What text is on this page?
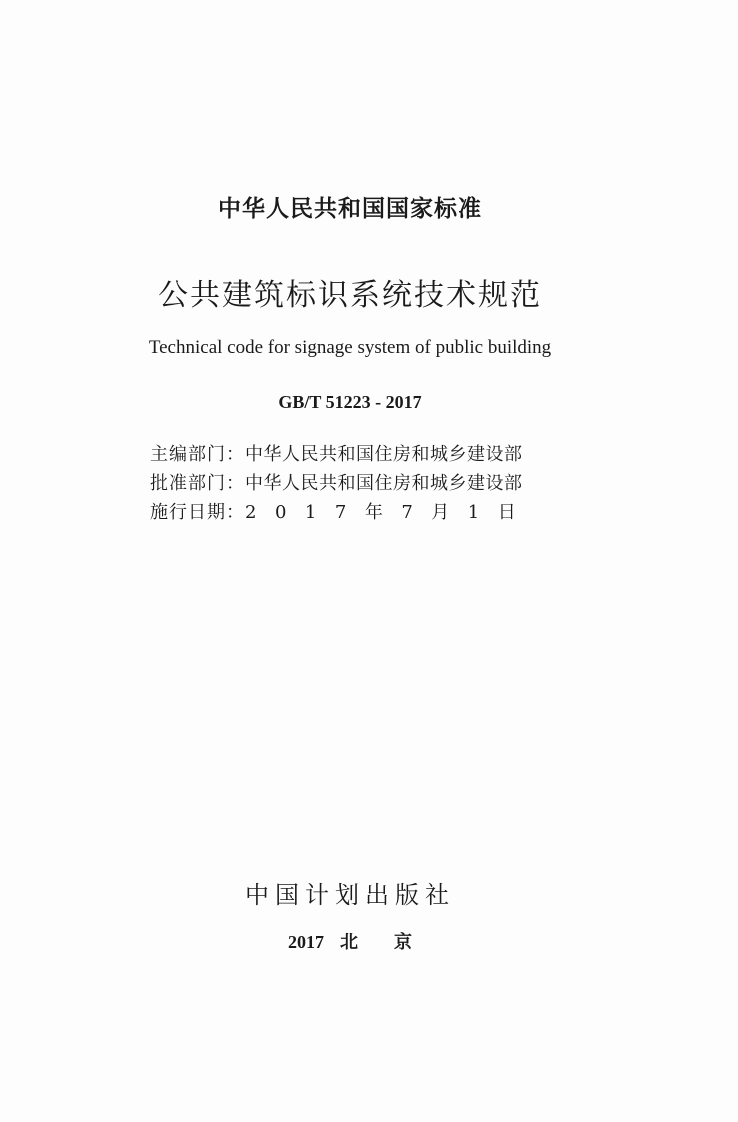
中华人民共和国国家标准
公共建筑标识系统技术规范
Technical code for signage system of public building
GB/T 51223 - 2017
主编部门：中华人民共和国住房和城乡建设部
批准部门：中华人民共和国住房和城乡建设部
施行日期：2 0 1 7 年 7 月 1 日
中国计划出版社
2017 北京
